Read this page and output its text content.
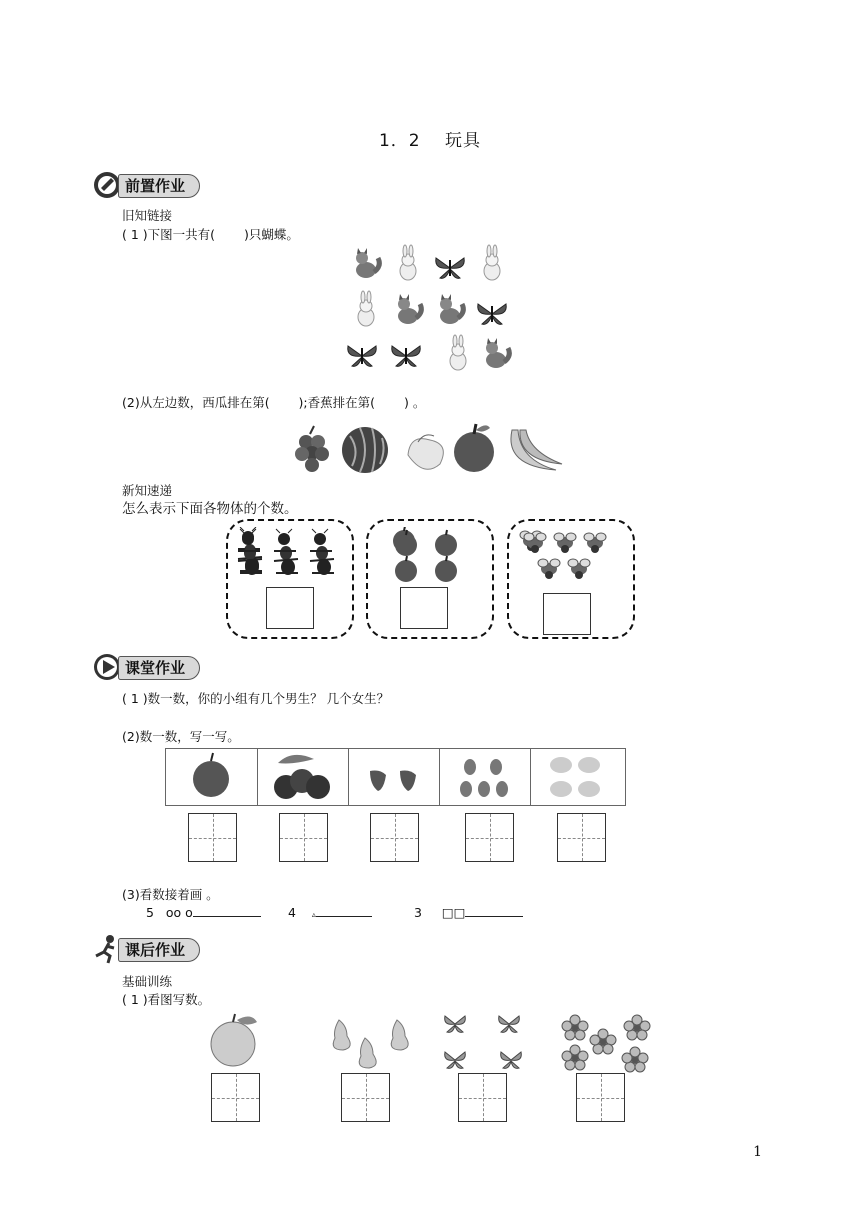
1．2　 玩具
前置作业
旧知链接
( 1 )下图一共有(　　 )只蝴蝶。
(2)从左边数，西瓜排在第(　　 );香蕉排在第(　　 ) 。
新知速递
怎么表示下面各物体的个数。
课堂作业
( 1 )数一数，你的小组有几个男生？ 几个女生？
(2)数一数，写一写。
(3)看数接着画 。
5 oo o	4 ▵	3 □□
课后作业
基础训练
( 1 )看图写数。
1
